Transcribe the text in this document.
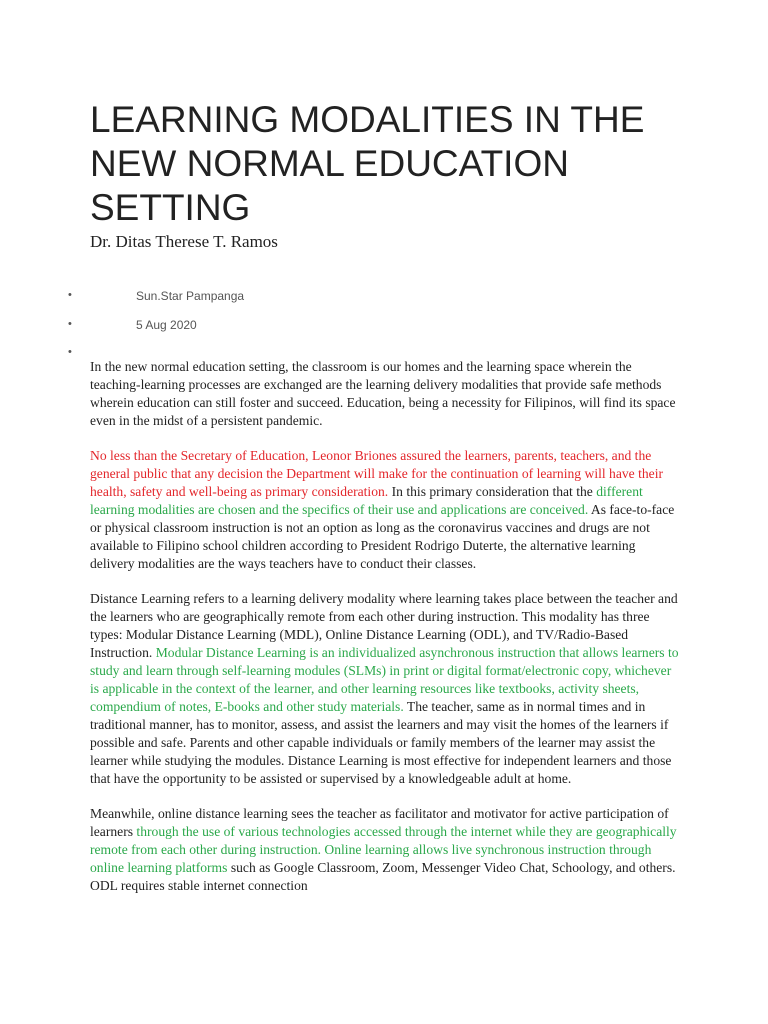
LEARNING MODALITIES IN THE NEW NORMAL EDUCATION SETTING

Dr. Ditas Therese T. Ramos

•	Sun.Star Pampanga
•	5 Aug 2020
•

In the new normal education setting, the classroom is our homes and the learning space wherein the teaching-learning processes are exchanged are the learning delivery modalities that provide safe methods wherein education can still foster and succeed. Education, being a necessity for Filipinos, will find its space even in the midst of a persistent pandemic.

No less than the Secretary of Education, Leonor Briones assured the learners, parents, teachers, and the general public that any decision the Department will make for the continuation of learning will have their health, safety and well-being as primary consideration. In this primary consideration that the different learning modalities are chosen and the specifics of their use and applications are conceived. As face-to-face or physical classroom instruction is not an option as long as the coronavirus vaccines and drugs are not available to Filipino school children according to President Rodrigo Duterte, the alternative learning delivery modalities are the ways teachers have to conduct their classes.

Distance Learning refers to a learning delivery modality where learning takes place between the teacher and the learners who are geographically remote from each other during instruction. This modality has three types: Modular Distance Learning (MDL), Online Distance Learning (ODL), and TV/Radio-Based Instruction. Modular Distance Learning is an individualized asynchronous instruction that allows learners to study and learn through self-learning modules (SLMs) in print or digital format/electronic copy, whichever is applicable in the context of the learner, and other learning resources like textbooks, activity sheets, compendium of notes, E-books and other study materials. The teacher, same as in normal times and in traditional manner, has to monitor, assess, and assist the learners and may visit the homes of the learners if possible and safe. Parents and other capable individuals or family members of the learner may assist the learner while studying the modules. Distance Learning is most effective for independent learners and those that have the opportunity to be assisted or supervised by a knowledgeable adult at home.

Meanwhile, online distance learning sees the teacher as facilitator and motivator for active participation of learners through the use of various technologies accessed through the internet while they are geographically remote from each other during instruction. Online learning allows live synchronous instruction through online learning platforms such as Google Classroom, Zoom, Messenger Video Chat, Schoology, and others. ODL requires stable internet connection
